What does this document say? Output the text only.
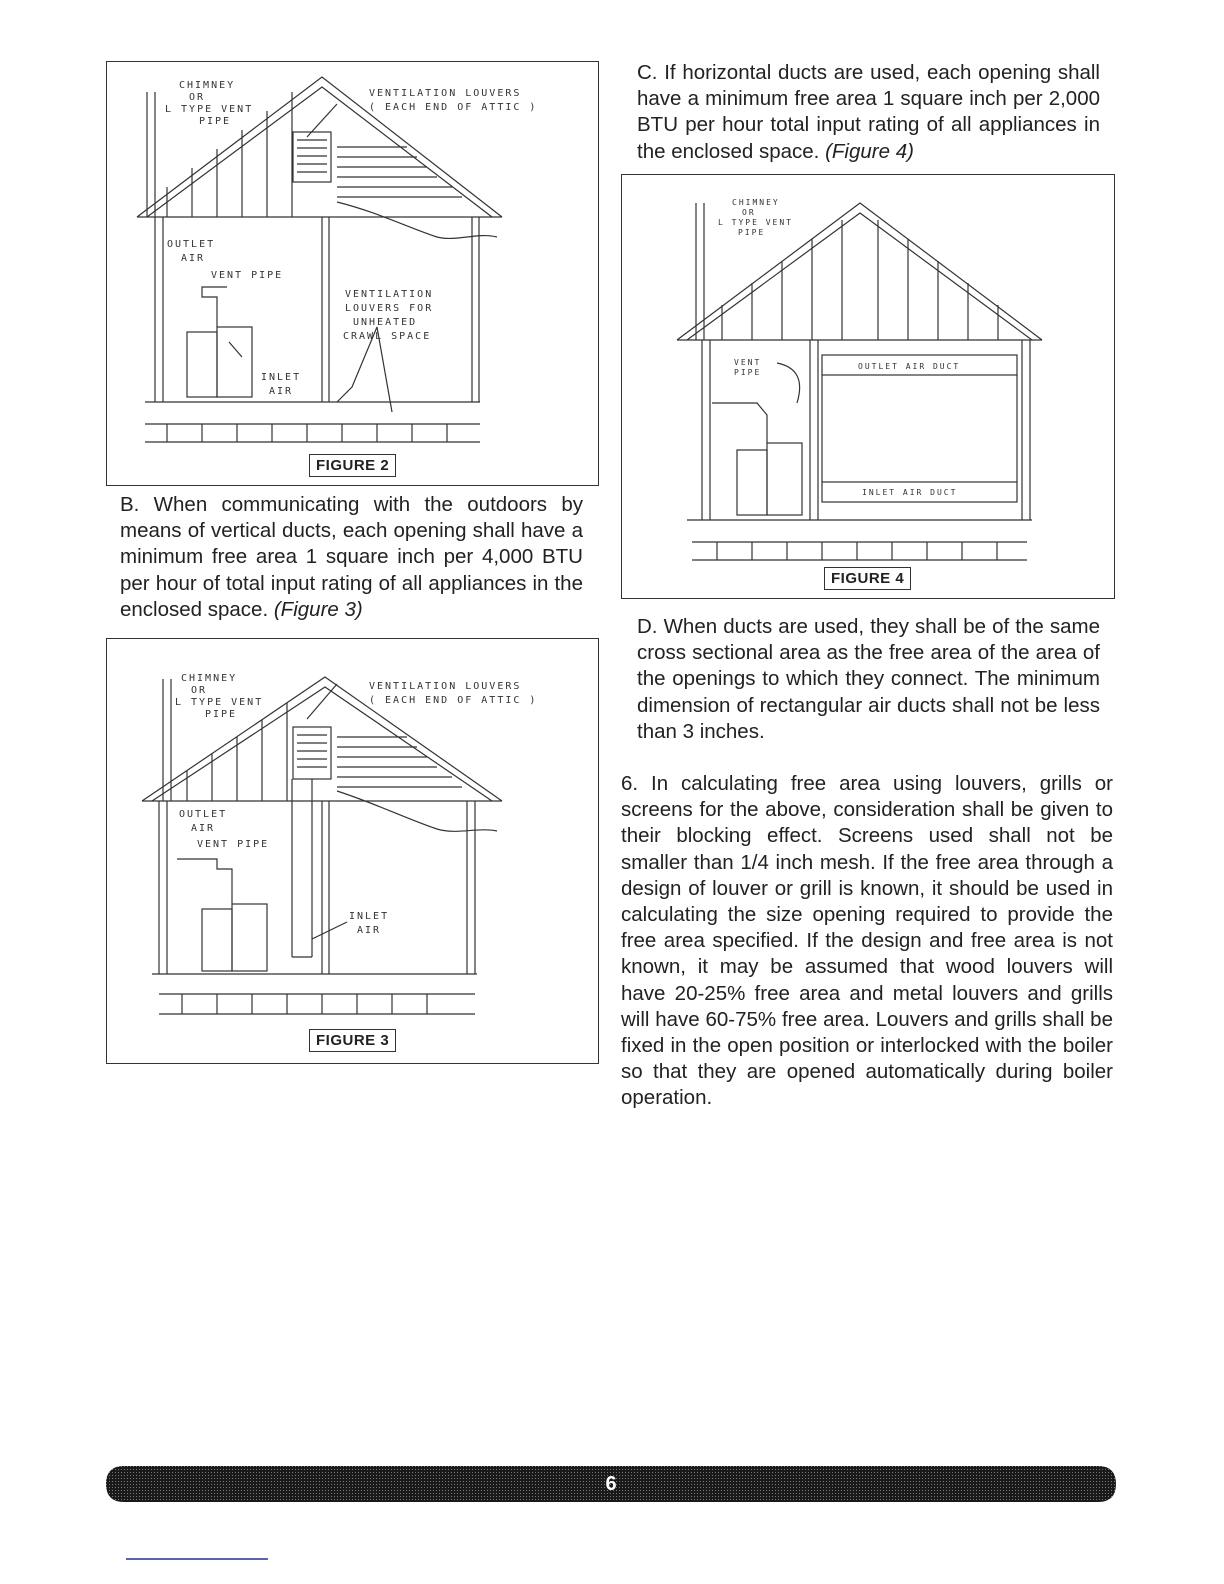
CHIMNEY OR L TYPE VENT PIPE
VENTILATION LOUVERS ( EACH END OF ATTIC )
OUTLET AIR
VENT PIPE
VENTILATION LOUVERS FOR UNHEATED CRAWL SPACE
INLET AIR
FIGURE 2
B. When communicating with the outdoors by means of vertical ducts, each opening shall have a minimum free area 1 square inch per 4,000 BTU per hour of total input rating of all appliances in the enclosed space. (Figure 3)
CHIMNEY OR L TYPE VENT PIPE
VENTILATION LOUVERS ( EACH END OF ATTIC )
OUTLET AIR
VENT PIPE
INLET AIR
FIGURE 3
C. If horizontal ducts are used, each opening shall have a minimum free area 1 square inch per 2,000 BTU per hour total input rating of all appliances in the enclosed space. (Figure 4)
CHIMNEY OR L TYPE VENT PIPE
VENT PIPE
OUTLET AIR DUCT
INLET AIR DUCT
FIGURE 4
D. When ducts are used, they shall be of the same cross sectional area as the free area of the area of the openings to which they connect. The minimum dimension of rectangular air ducts shall not be less than 3 inches.
6. In calculating free area using louvers, grills or screens for the above, consideration shall be given to their blocking effect. Screens used shall not be smaller than 1/4 inch mesh. If the free area through a design of louver or grill is known, it should be used in calculating the size opening required to provide the free area specified. If the design and free area is not known, it may be assumed that wood louvers will have 20-25% free area and metal louvers and grills will have 60-75% free area. Louvers and grills shall be fixed in the open position or interlocked with the boiler so that they are opened automatically during boiler operation.
6
